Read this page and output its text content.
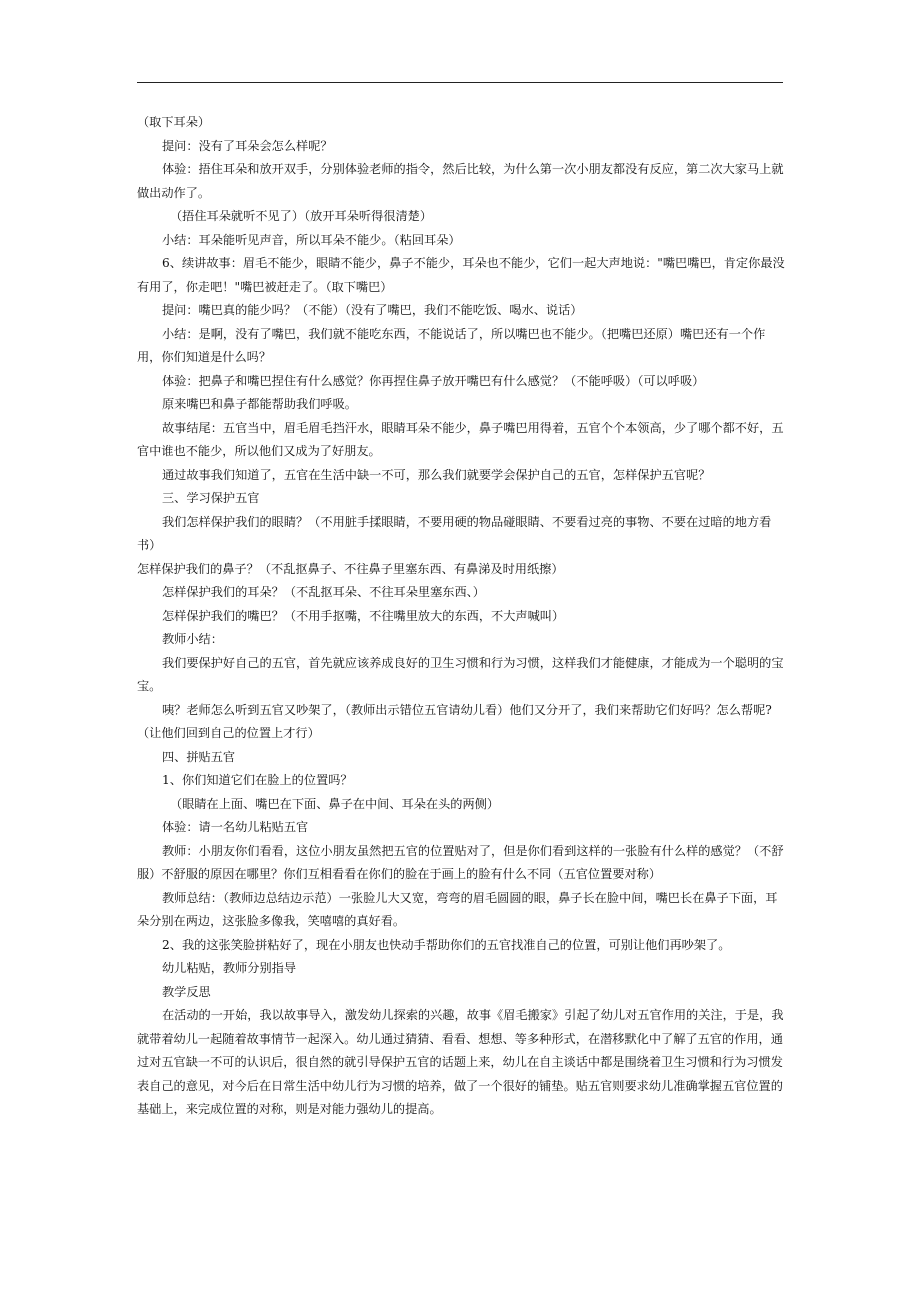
（取下耳朵）

提问：没有了耳朵会怎么样呢？

体验：捂住耳朵和放开双手，分别体验老师的指令，然后比较，为什么第一次小朋友都没有反应，第二次大家马上就做出动作了。

（捂住耳朵就听不见了）（放开耳朵听得很清楚）

小结：耳朵能听见声音，所以耳朵不能少。（粘回耳朵）

6、续讲故事：眉毛不能少，眼睛不能少，鼻子不能少，耳朵也不能少，它们一起大声地说："嘴巴嘴巴，肯定你最没有用了，你走吧！"嘴巴被赶走了。（取下嘴巴）

提问：嘴巴真的能少吗？（不能）（没有了嘴巴，我们不能吃饭、喝水、说话）

小结：是啊，没有了嘴巴，我们就不能吃东西，不能说话了，所以嘴巴也不能少。（把嘴巴还原）嘴巴还有一个作用，你们知道是什么吗？

体验：把鼻子和嘴巴捏住有什么感觉？你再捏住鼻子放开嘴巴有什么感觉？（不能呼吸）（可以呼吸）

原来嘴巴和鼻子都能帮助我们呼吸。

故事结尾：五官当中，眉毛眉毛挡汗水，眼睛耳朵不能少，鼻子嘴巴用得着，五官个个本领高，少了哪个都不好，五官中谁也不能少，所以他们又成为了好朋友。

通过故事我们知道了，五官在生活中缺一不可，那么我们就要学会保护自己的五官，怎样保护五官呢？

三、学习保护五官

我们怎样保护我们的眼睛？（不用脏手揉眼睛，不要用硬的物品碰眼睛、不要看过亮的事物、不要在过暗的地方看书）

怎样保护我们的鼻子？（不乱抠鼻子、不往鼻子里塞东西、有鼻涕及时用纸擦）

怎样保护我们的耳朵？（不乱抠耳朵、不往耳朵里塞东西、）

怎样保护我们的嘴巴？（不用手抠嘴，不往嘴里放大的东西，不大声喊叫）

教师小结：

我们要保护好自己的五官，首先就应该养成良好的卫生习惯和行为习惯，这样我们才能健康，才能成为一个聪明的宝宝。

咦？老师怎么听到五官又吵架了，（教师出示错位五官请幼儿看）他们又分开了，我们来帮助它们好吗？怎么帮呢?（让他们回到自己的位置上才行）

四、拼贴五官

1、你们知道它们在脸上的位置吗？

（眼睛在上面、嘴巴在下面、鼻子在中间、耳朵在头的两侧）

体验：请一名幼儿粘贴五官

教师：小朋友你们看看，这位小朋友虽然把五官的位置贴对了，但是你们看到这样的一张脸有什么样的感觉？（不舒服）不舒服的原因在哪里？你们互相看看在你们的脸在于画上的脸有什么不同（五官位置要对称）

教师总结：（教师边总结边示范）一张脸儿大又宽，弯弯的眉毛圆圆的眼，鼻子长在脸中间，嘴巴长在鼻子下面，耳朵分别在两边，这张脸多像我，笑嘻嘻的真好看。

2、我的这张笑脸拼粘好了，现在小朋友也快动手帮助你们的五官找准自己的位置，可别让他们再吵架了。

幼儿粘贴，教师分别指导

教学反思

在活动的一开始，我以故事导入，激发幼儿探索的兴趣，故事《眉毛搬家》引起了幼儿对五官作用的关注，于是，我就带着幼儿一起随着故事情节一起深入。幼儿通过猜猜、看看、想想、等多种形式，在潜移默化中了解了五官的作用，通过对五官缺一不可的认识后，很自然的就引导保护五官的话题上来，幼儿在自主谈话中都是围绕着卫生习惯和行为习惯发表自己的意见，对今后在日常生活中幼儿行为习惯的培养，做了一个很好的铺垫。贴五官则要求幼儿准确掌握五官位置的基础上，来完成位置的对称，则是对能力强幼儿的提高。
